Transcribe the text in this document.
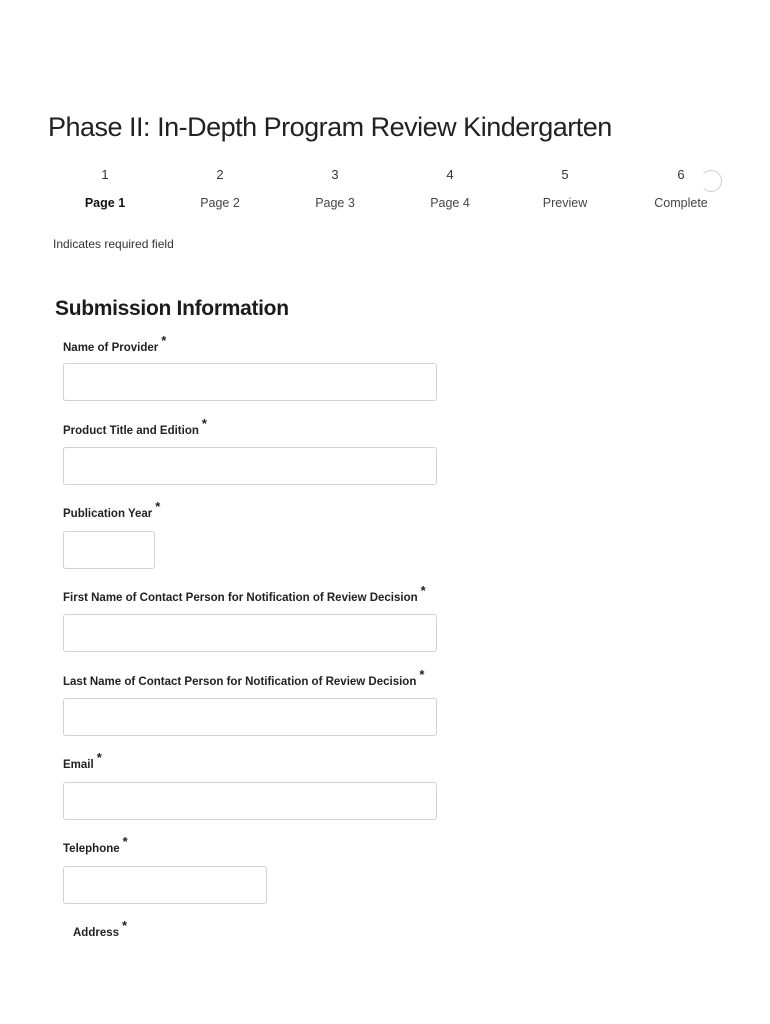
Phase II: In-Depth Program Review Kindergarten
1
Page 1
2
Page 2
3
Page 3
4
Page 4
5
Preview
6
Complete
Indicates required field
Submission Information
Name of Provider *
Product Title and Edition *
Publication Year *
First Name of Contact Person for Notification of Review Decision *
Last Name of Contact Person for Notification of Review Decision *
Email *
Telephone *
Address *
